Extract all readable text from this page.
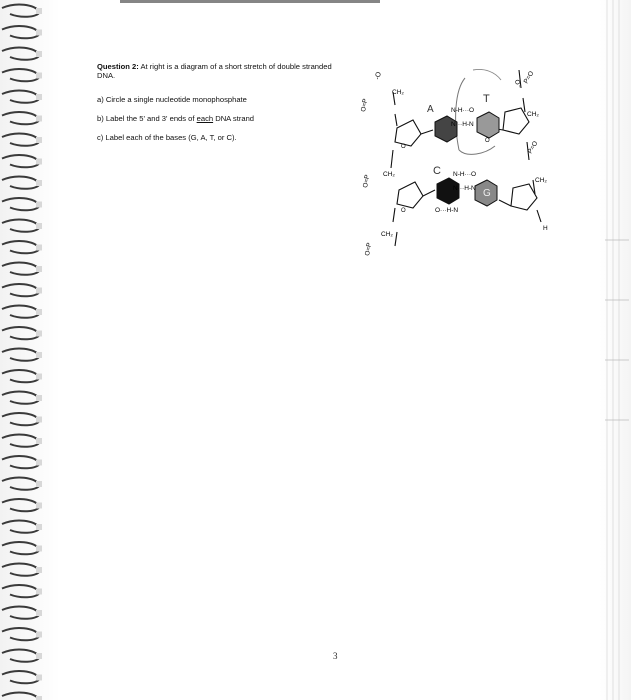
Question 2: At right is a diagram of a short stretch of double stranded DNA.
a) Circle a single nucleotide monophosphate
b) Label the 5' and 3' ends of each DNA strand
c) Label each of the bases (G, A, T, or C).
-O
CH₂
O=P
CH₂
O=P
CH₂
O=P
O
O
O⁻ P=O
CH₂
P=O
CH₂
H
O
N-H···O
N···H-N
N-H···O
N···H-N
O···H-N
A
T
C
G
3
